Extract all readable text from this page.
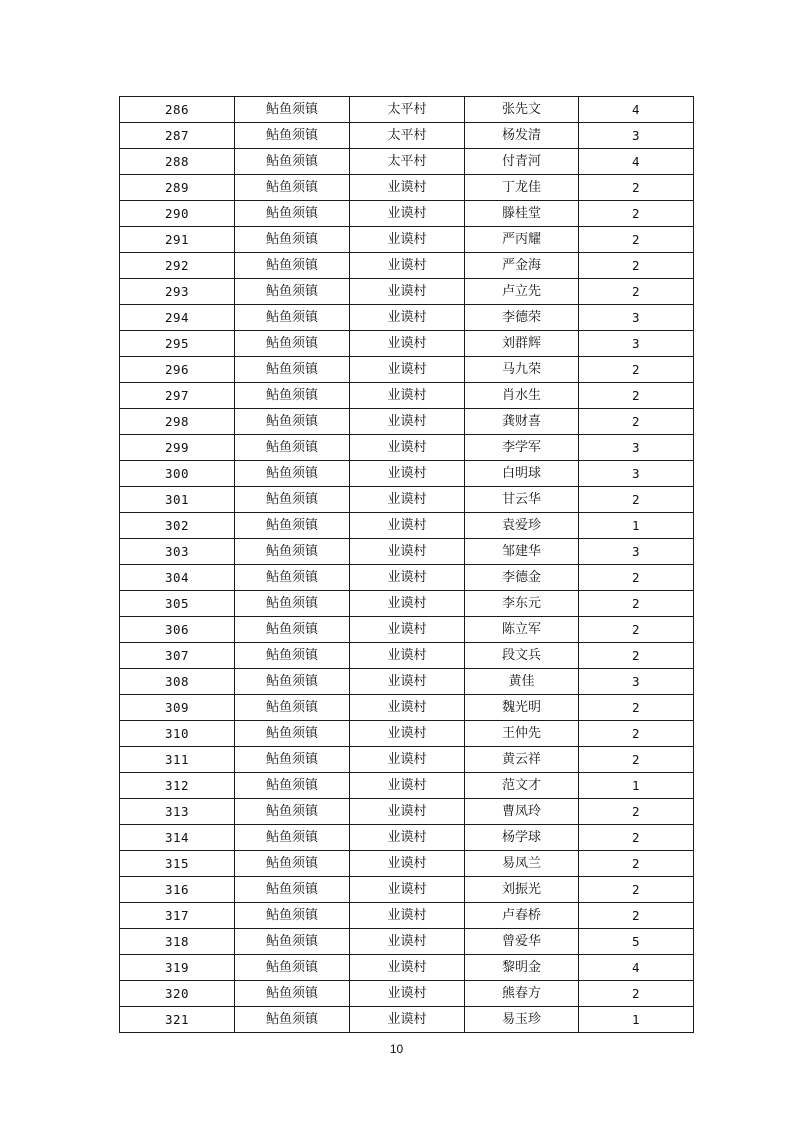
286	鲇鱼须镇	太平村	张先文	4
287	鲇鱼须镇	太平村	杨发清	3
288	鲇鱼须镇	太平村	付青河	4
289	鲇鱼须镇	业谟村	丁龙佳	2
290	鲇鱼须镇	业谟村	滕桂堂	2
291	鲇鱼须镇	业谟村	严丙耀	2
292	鲇鱼须镇	业谟村	严金海	2
293	鲇鱼须镇	业谟村	卢立先	2
294	鲇鱼须镇	业谟村	李德荣	3
295	鲇鱼须镇	业谟村	刘群辉	3
296	鲇鱼须镇	业谟村	马九荣	2
297	鲇鱼须镇	业谟村	肖水生	2
298	鲇鱼须镇	业谟村	龚财喜	2
299	鲇鱼须镇	业谟村	李学军	3
300	鲇鱼须镇	业谟村	白明球	3
301	鲇鱼须镇	业谟村	甘云华	2
302	鲇鱼须镇	业谟村	袁爱珍	1
303	鲇鱼须镇	业谟村	邹建华	3
304	鲇鱼须镇	业谟村	李德金	2
305	鲇鱼须镇	业谟村	李东元	2
306	鲇鱼须镇	业谟村	陈立军	2
307	鲇鱼须镇	业谟村	段文兵	2
308	鲇鱼须镇	业谟村	黄佳	3
309	鲇鱼须镇	业谟村	魏光明	2
310	鲇鱼须镇	业谟村	王仲先	2
311	鲇鱼须镇	业谟村	黄云祥	2
312	鲇鱼须镇	业谟村	范文才	1
313	鲇鱼须镇	业谟村	曹凤玲	2
314	鲇鱼须镇	业谟村	杨学球	2
315	鲇鱼须镇	业谟村	易凤兰	2
316	鲇鱼须镇	业谟村	刘振光	2
317	鲇鱼须镇	业谟村	卢春桥	2
318	鲇鱼须镇	业谟村	曾爱华	5
319	鲇鱼须镇	业谟村	黎明金	4
320	鲇鱼须镇	业谟村	熊春方	2
321	鲇鱼须镇	业谟村	易玉珍	1
10
